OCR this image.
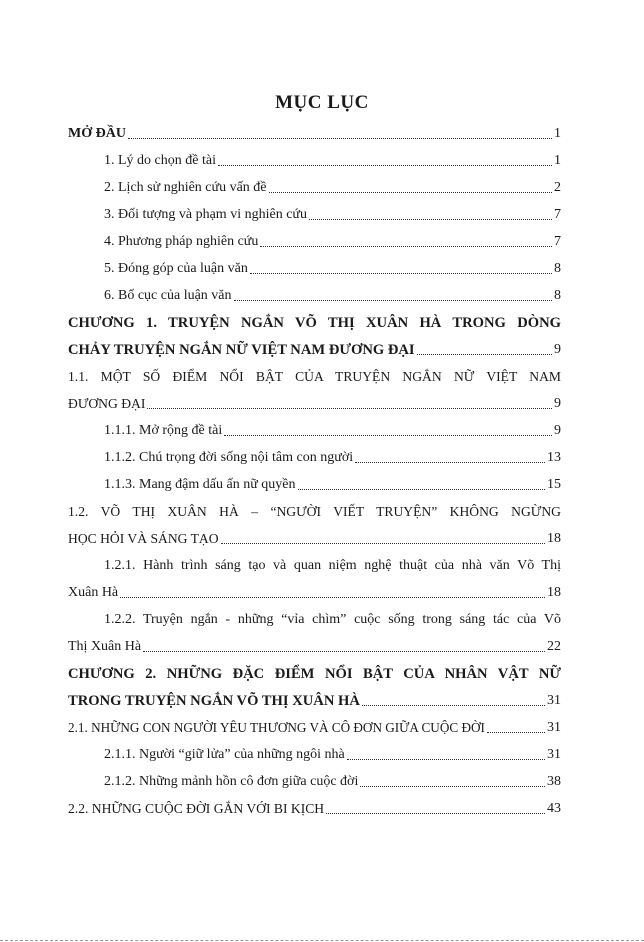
MỤC LỤC
MỞ ĐẦU	1
1. Lý do chọn đề tài	1
2. Lịch sử nghiên cứu vấn đề	2
3. Đối tượng và phạm vi nghiên cứu	7
4. Phương pháp nghiên cứu	7
5. Đóng góp của luận văn	8
6. Bố cục của luận văn	8
CHƯƠNG 1. TRUYỆN NGẮN VÕ THỊ XUÂN HÀ TRONG DÒNG
CHẢY TRUYỆN NGẮN NỮ VIỆT NAM ĐƯƠNG ĐẠI	9
1.1. MỘT SỐ ĐIỂM NỔI BẬT CỦA TRUYỆN NGẮN NỮ VIỆT NAM
ĐƯƠNG ĐẠI	9
1.1.1. Mở rộng đề tài	9
1.1.2. Chú trọng đời sống nội tâm con người	13
1.1.3. Mang đậm dấu ấn nữ quyền	15
1.2. VÕ THỊ XUÂN HÀ – “NGƯỜI VIẾT TRUYỆN” KHÔNG NGỪNG
HỌC HỎI VÀ SÁNG TẠO	18
1.2.1. Hành trình sáng tạo và quan niệm nghệ thuật của nhà văn Võ Thị
Xuân Hà	18
1.2.2. Truyện ngắn - những “vỉa chìm” cuộc sống trong sáng tác của Võ
Thị Xuân Hà	22
CHƯƠNG 2. NHỮNG ĐẶC ĐIỂM NỔI BẬT CỦA NHÂN VẬT NỮ
TRONG TRUYỆN NGẮN VÕ THỊ XUÂN HÀ	31
2.1. NHỮNG CON NGƯỜI YÊU THƯƠNG VÀ CÔ ĐƠN GIỮA CUỘC ĐỜI	31
2.1.1. Người “giữ lửa” của những ngôi nhà	31
2.1.2. Những mảnh hồn cô đơn giữa cuộc đời	38
2.2. NHỮNG CUỘC ĐỜI GẮN VỚI BI KỊCH	43
